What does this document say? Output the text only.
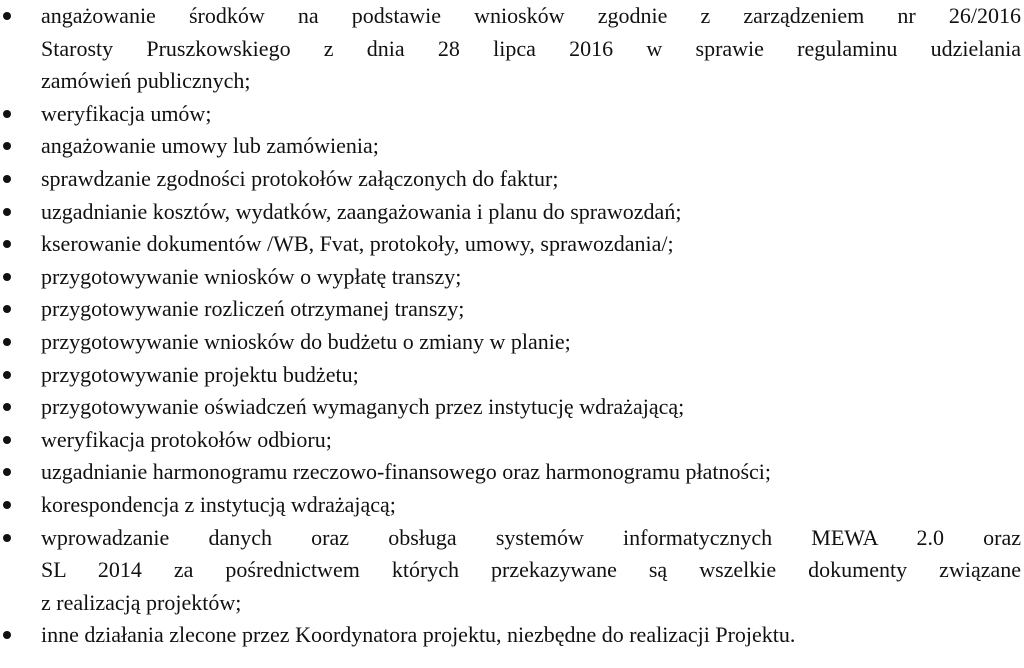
angażowanie środków na podstawie wniosków zgodnie z zarządzeniem nr 26/2016
Starosty Pruszkowskiego z dnia 28 lipca 2016 w sprawie regulaminu udzielania
zamówień publicznych;
weryfikacja umów;
angażowanie umowy lub zamówienia;
sprawdzanie zgodności protokołów załączonych do faktur;
uzgadnianie kosztów, wydatków, zaangażowania i planu do sprawozdań;
kserowanie dokumentów /WB, Fvat, protokoły, umowy, sprawozdania/;
przygotowywanie wniosków o wypłatę transzy;
przygotowywanie rozliczeń otrzymanej transzy;
przygotowywanie wniosków do budżetu o zmiany w planie;
przygotowywanie projektu budżetu;
przygotowywanie oświadczeń wymaganych przez instytucję wdrażającą;
weryfikacja protokołów odbioru;
uzgadnianie harmonogramu rzeczowo-finansowego oraz harmonogramu płatności;
korespondencja z instytucją wdrażającą;
wprowadzanie danych oraz obsługa systemów informatycznych MEWA 2.0 oraz
SL 2014 za pośrednictwem których przekazywane są wszelkie dokumenty związane
z realizacją projektów;
inne działania zlecone przez Koordynatora projektu, niezbędne do realizacji Projektu.
